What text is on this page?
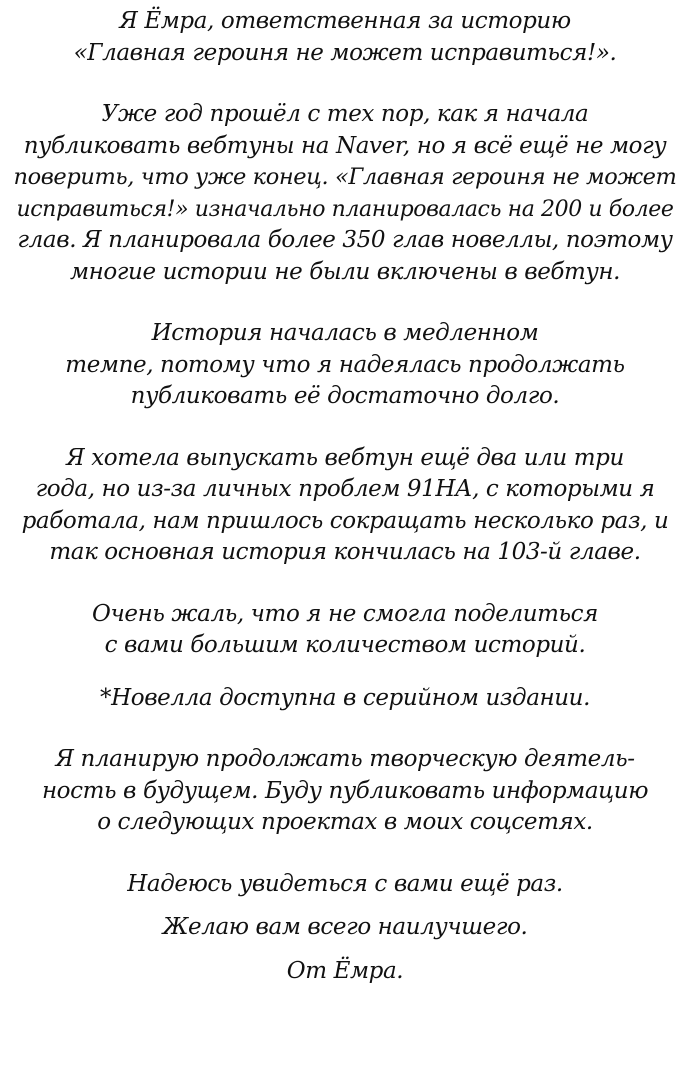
Я Ёмра, ответственная за историю
«Главная героиня не может исправиться!».
Уже год прошёл с тех пор, как я начала
публиковать вебтуны на Naver, но я всё ещё не могу
поверить, что уже конец. «Главная героиня не может
исправиться!» изначально планировалась на 200 и более
глав. Я планировала более 350 глав новеллы, поэтому
многие истории не были включены в вебтун.
История началась в медленном
темпе, потому что я надеялась продолжать
публиковать её достаточно долго.
Я хотела выпускать вебтун ещё два или три
года, но из-за личных проблем 91НА, с которыми я
работала, нам пришлось сокращать несколько раз, и
так основная история кончилась на 103-й главе.
Очень жаль, что я не смогла поделиться
с вами большим количеством историй.
*Новелла доступна в серийном издании.
Я планирую продолжать творческую деятель-
ность в будущем. Буду публиковать информацию
о следующих проектах в моих соцсетях.
Надеюсь увидеться с вами ещё раз.
Желаю вам всего наилучшего.
От Ёмра.
